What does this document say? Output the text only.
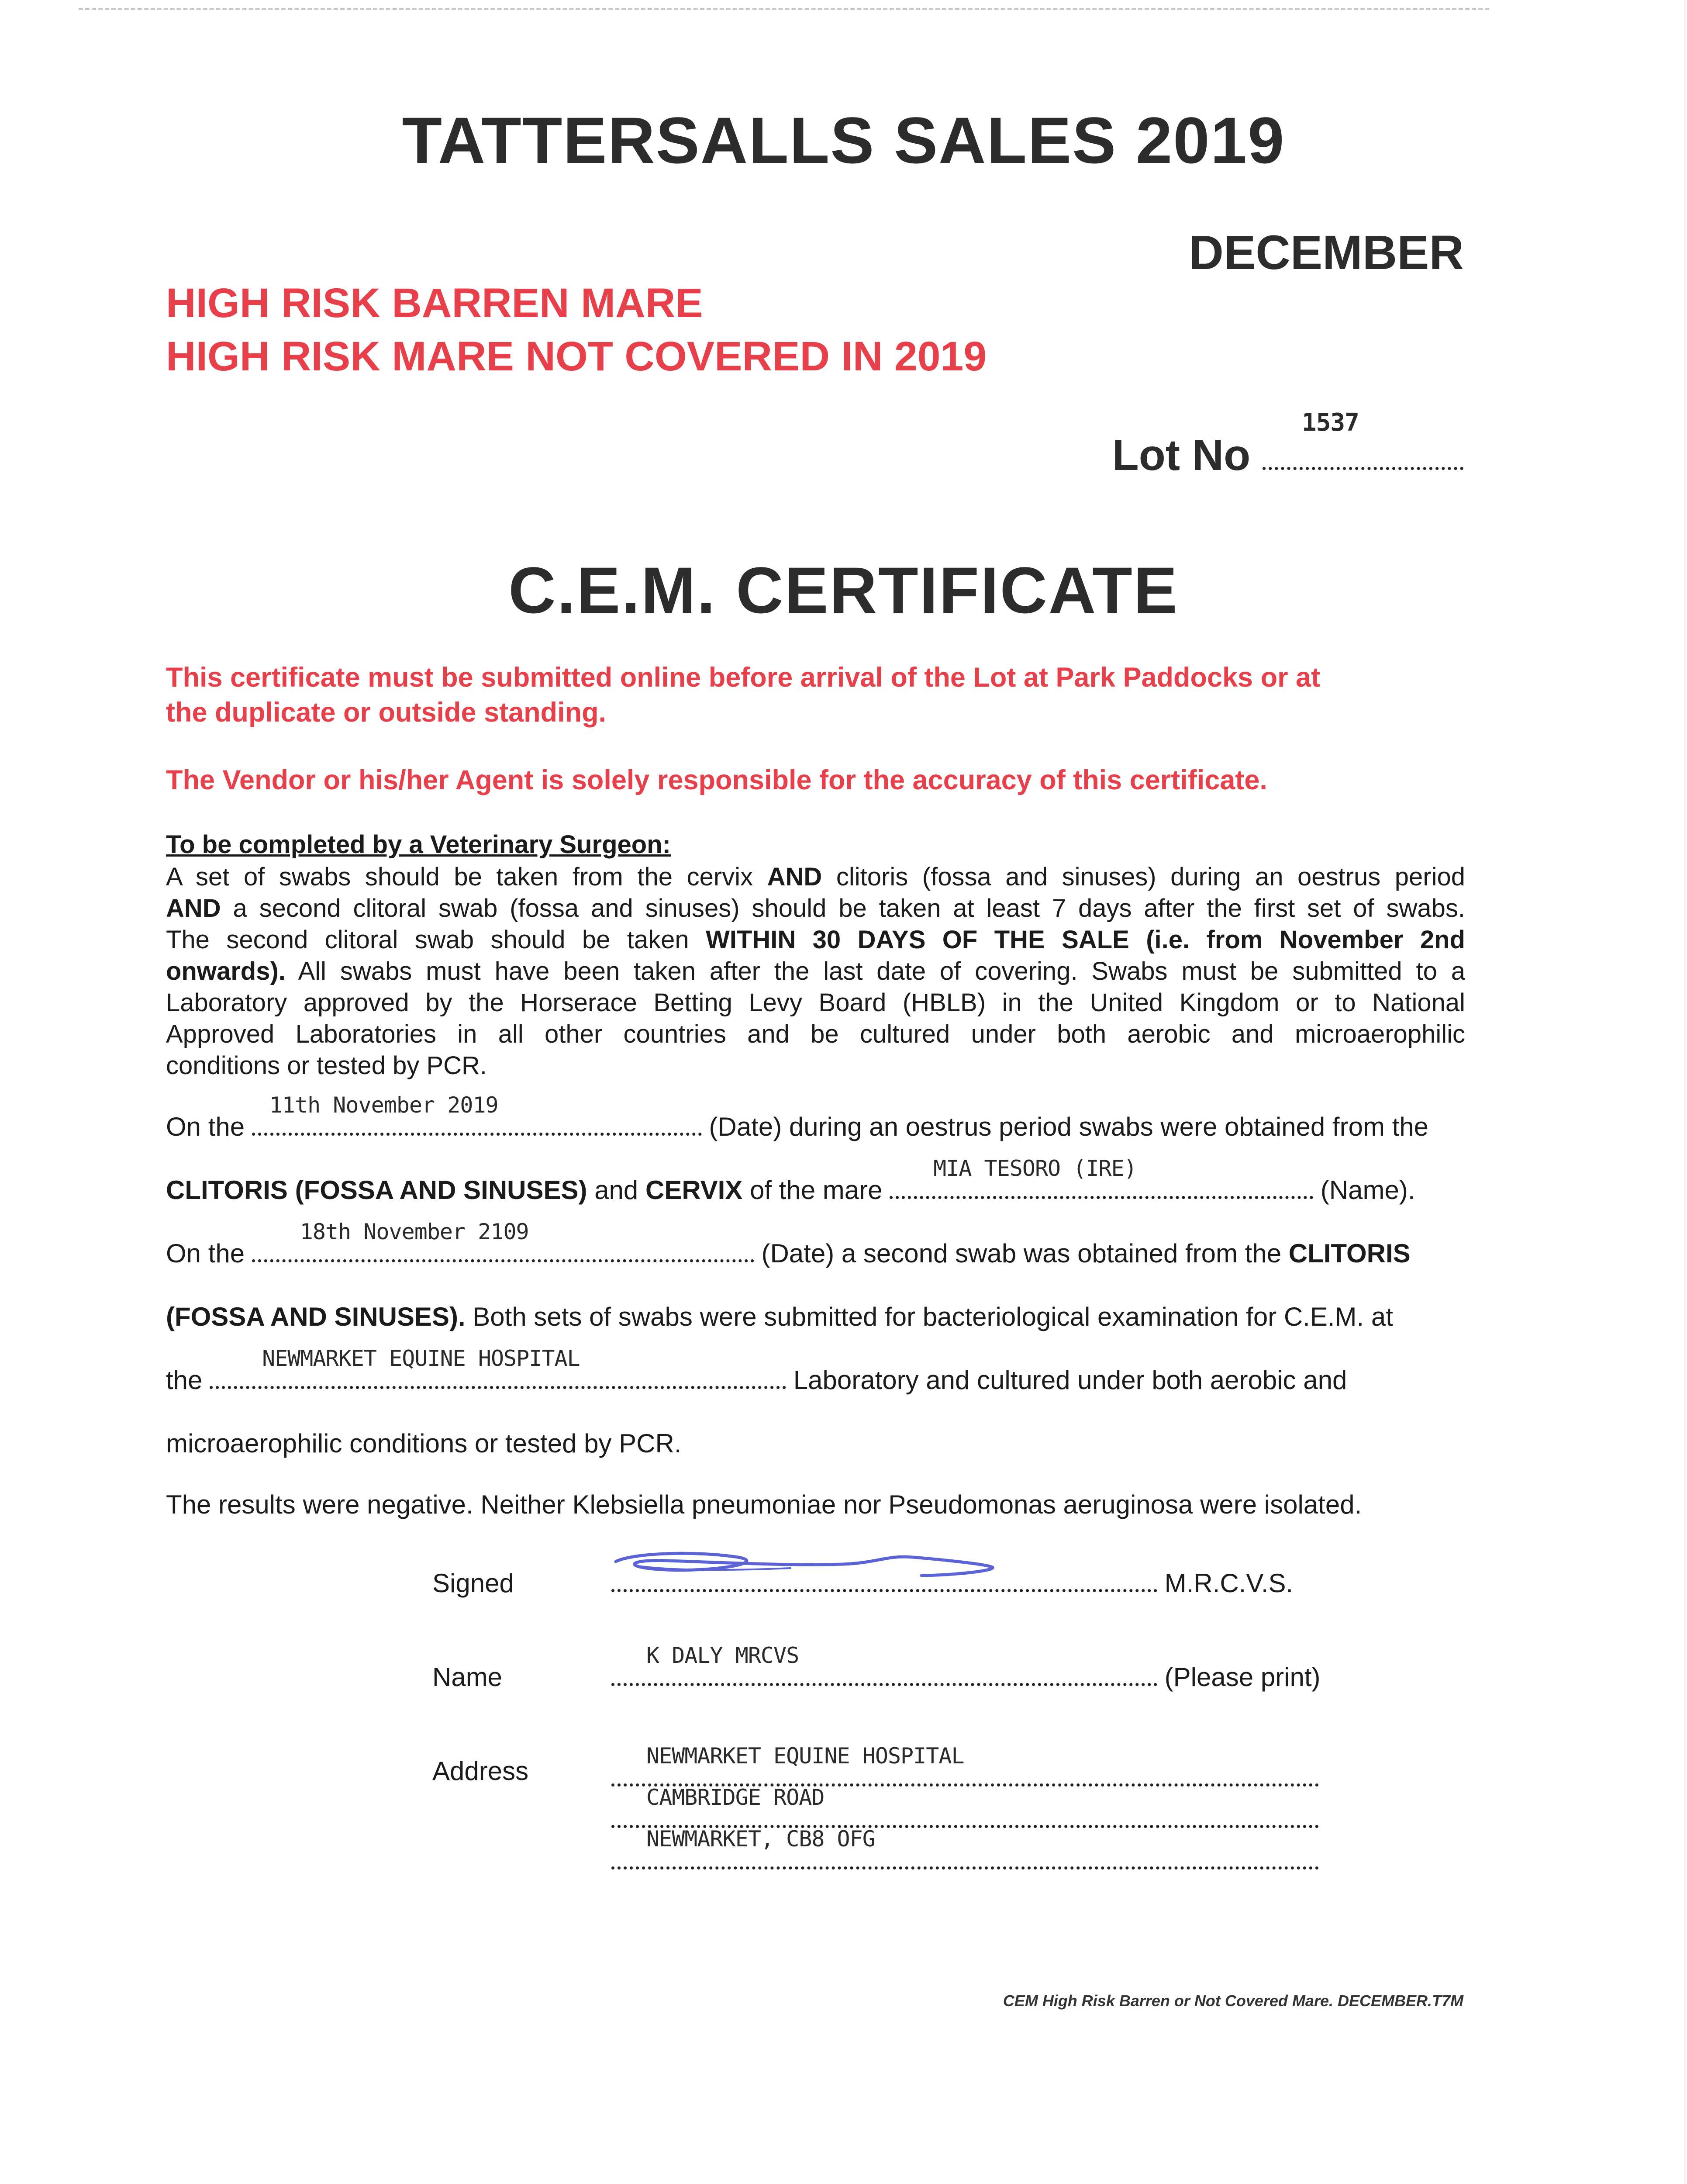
TATTERSALLS SALES 2019
DECEMBER
HIGH RISK BARREN MARE
HIGH RISK MARE NOT COVERED IN 2019
Lot No
1537
C.E.M. CERTIFICATE
This certificate must be submitted online before arrival of the Lot at Park Paddocks or at
the duplicate or outside standing.
The Vendor or his/her Agent is solely responsible for the accuracy of this certificate.
To be completed by a Veterinary Surgeon:
A set of swabs should be taken from the cervix AND clitoris (fossa and sinuses) during an oestrus period
AND a second clitoral swab (fossa and sinuses) should be taken at least 7 days after the first set of swabs.
The second clitoral swab should be taken WITHIN 30 DAYS OF THE SALE (i.e. from November 2nd
onwards). All swabs must have been taken after the last date of covering. Swabs must be submitted to a
Laboratory approved by the Horserace Betting Levy Board (HBLB) in the United Kingdom or to National
Approved Laboratories in all other countries and be cultured under both aerobic and microaerophilic
conditions or tested by PCR.
On the
11th November 2019
(Date) during an oestrus period swabs were obtained from the
CLITORIS (FOSSA AND SINUSES) and CERVIX of the mare
MIA TESORO (IRE)
(Name).
On the
18th November 2109
(Date) a second swab was obtained from the CLITORIS
(FOSSA AND SINUSES). Both sets of swabs were submitted for bacteriological examination for C.E.M. at
the
NEWMARKET EQUINE HOSPITAL
Laboratory and cultured under both aerobic and
microaerophilic conditions or tested by PCR.
The results were negative. Neither Klebsiella pneumoniae nor Pseudomonas aeruginosa were isolated.
Signed	M.R.C.V.S.
Name
K DALY MRCVS
(Please print)
Address
NEWMARKET EQUINE HOSPITAL
CAMBRIDGE ROAD
NEWMARKET, CB8 OFG
CEM High Risk Barren or Not Covered Mare. DECEMBER.T7M
